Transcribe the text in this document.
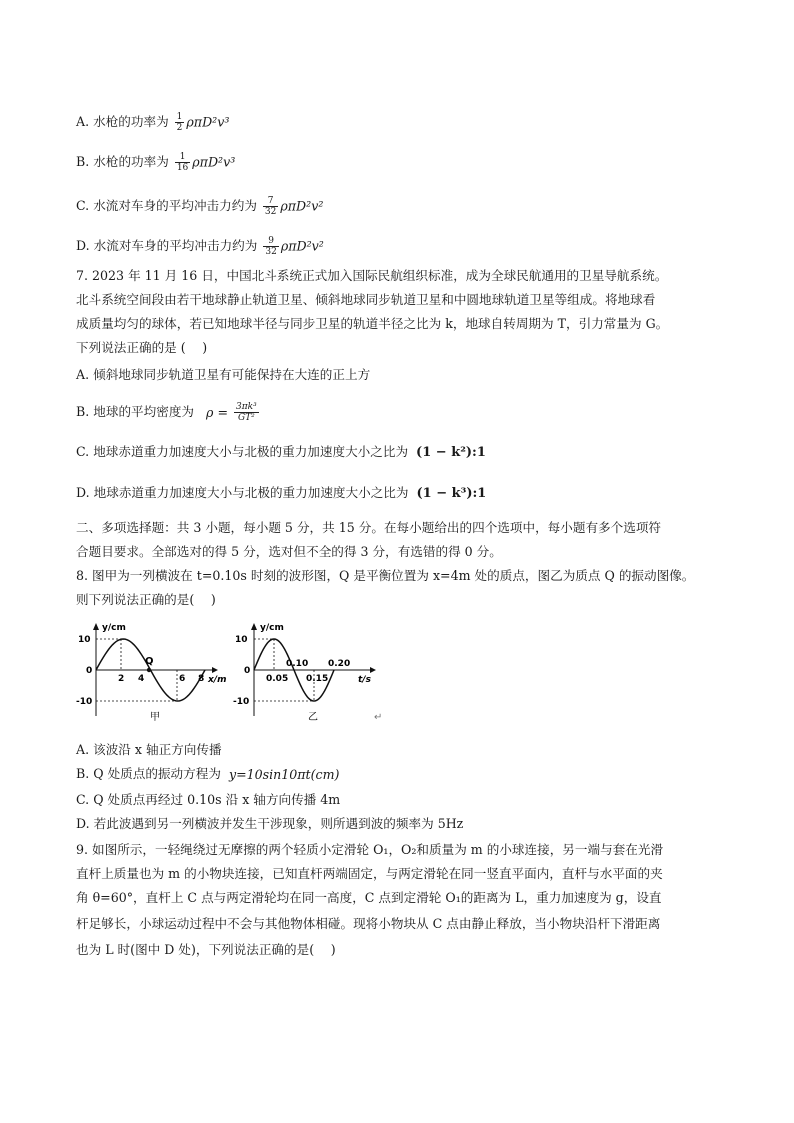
A. 水枪的功率为 $\frac{1}{2} \rho\pi D^2v^3$
B. 水枪的功率为 $\frac{1}{16} \rho\pi D^2v^3$
C. 水流对车身的平均冲击力约为 $\frac{7}{32} \rho\pi D^2v^2$
D. 水流对车身的平均冲击力约为 $\frac{9}{32} \rho\pi D^2v^2$
7. 2023 年 11 月 16 日，中国北斗系统正式加入国际民航组织标准，成为全球民航通用的卫星导航系统。
北斗系统空间段由若干地球静止轨道卫星、倾斜地球同步轨道卫星和中圆地球轨道卫星等组成。将地球看
成质量均匀的球体，若已知地球半径与同步卫星的轨道半径之比为 k，地球自转周期为 T，引力常量为 G。
下列说法正确的是 (　 )
A. 倾斜地球同步轨道卫星有可能保持在大连的正上方
B. 地球的平均密度为 $\rho = \frac{\text{3πk³}}{\text{GT²}}$
C. 地球赤道重力加速度大小与北极的重力加速度大小之比为 (1 − k²):1
D. 地球赤道重力加速度大小与北极的重力加速度大小之比为 (1 − k³):1
二、多项选择题：共 3 小题，每小题 5 分，共 15 分。在每小题给出的四个选项中，每小题有多个选项符
合题目要求。全部选对的得 5 分，选对但不全的得 3 分，有选错的得 0 分。
8. 图甲为一列横波在 t=0.10s 时刻的波形图，Q 是平衡位置为 x=4m 处的质点，图乙为质点 Q 的振动图像。
则下列说法正确的是(　 )
y/cm
10
-10
0
2 4	6 8
Q
x/m
甲
y/cm
10
-10
0
0.10 0.20
0.05 0.15	t/s
乙	↵
A. 该波沿 x 轴正方向传播
B. Q 处质点的振动方程为 y=10sin10πt(cm)
C. Q 处质点再经过 0.10s 沿 x 轴方向传播 4m
D. 若此波遇到另一列横波并发生干涉现象，则所遇到波的频率为 5Hz
9. 如图所示，一轻绳绕过无摩擦的两个轻质小定滑轮 O₁，O₂和质量为 m 的小球连接，另一端与套在光滑
直杆上质量也为 m 的小物块连接，已知直杆两端固定，与两定滑轮在同一竖直平面内，直杆与水平面的夹
角 θ=60°，直杆上 C 点与两定滑轮均在同一高度，C 点到定滑轮 O₁的距离为 L，重力加速度为 g，设直
杆足够长，小球运动过程中不会与其他物体相碰。现将小物块从 C 点由静止释放，当小物块沿杆下滑距离
也为 L 时(图中 D 处)，下列说法正确的是(　 )
